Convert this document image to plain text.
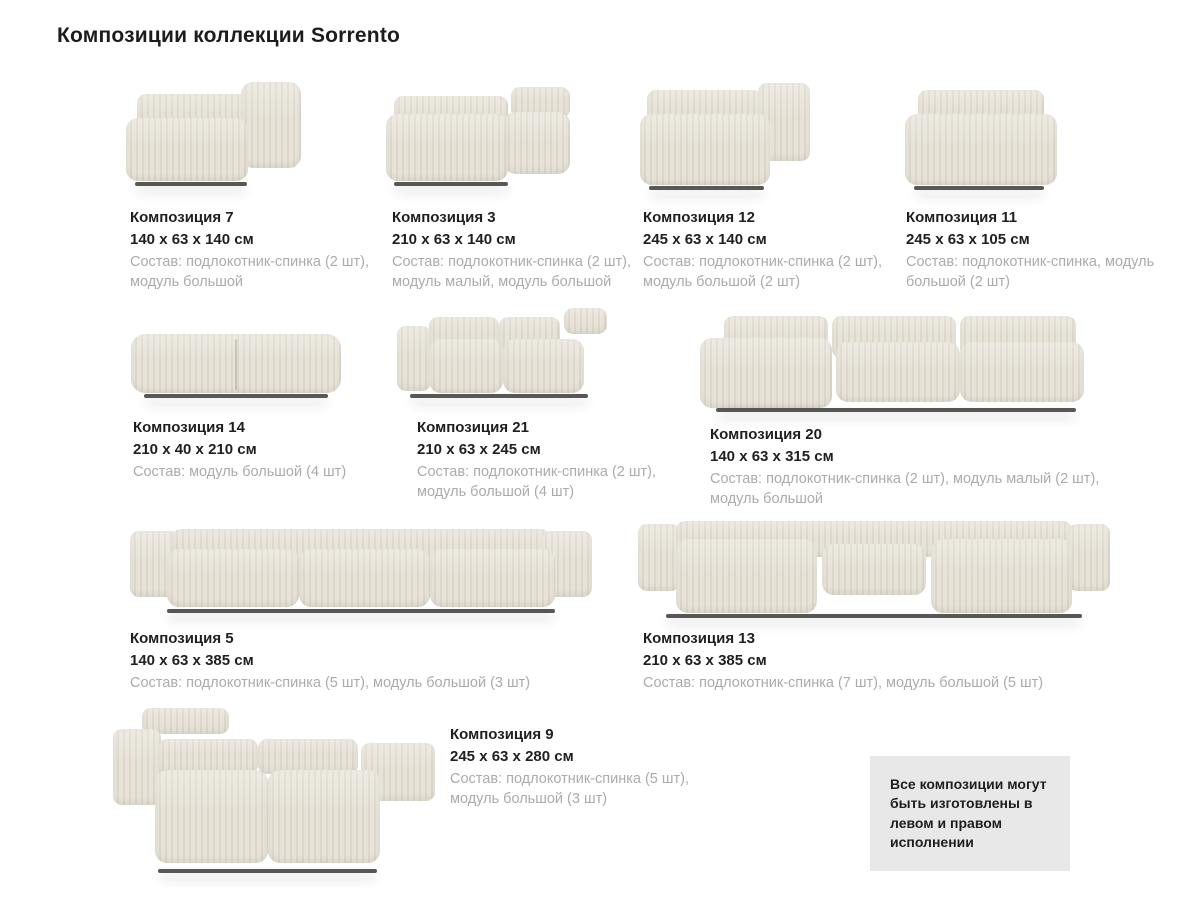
Композиции коллекции Sorrento
Композиция 7
140 x 63 x 140 см
Состав: подлокотник-спинка (2 шт), модуль большой
Композиция 3
210 x 63 x 140 см
Состав: подлокотник-спинка (2 шт), модуль малый, модуль большой
Композиция 12
245 x 63 x 140 см
Состав: подлокотник-спинка (2 шт), модуль большой (2 шт)
Композиция 11
245 x 63 x 105 см
Состав: подлокотник-спинка, модуль большой (2 шт)
Композиция 14
210 x 40 x 210 см
Состав: модуль большой (4 шт)
Композиция 21
210 x 63 x 245 см
Состав: подлокотник-спинка (2 шт), модуль большой (4 шт)
Композиция 20
140 x 63 x 315 см
Состав: подлокотник-спинка (2 шт), модуль малый (2 шт), модуль большой
Композиция 5
140 x 63 x 385 см
Состав: подлокотник-спинка (5 шт), модуль большой (3 шт)
Композиция 13
210 x 63 x 385 см
Состав: подлокотник-спинка (7 шт), модуль большой (5 шт)
Композиция 9
245 x 63 x 280 см
Состав: подлокотник-спинка (5 шт), модуль большой (3 шт)
Все композиции могут быть изготовлены в левом и правом исполнении
